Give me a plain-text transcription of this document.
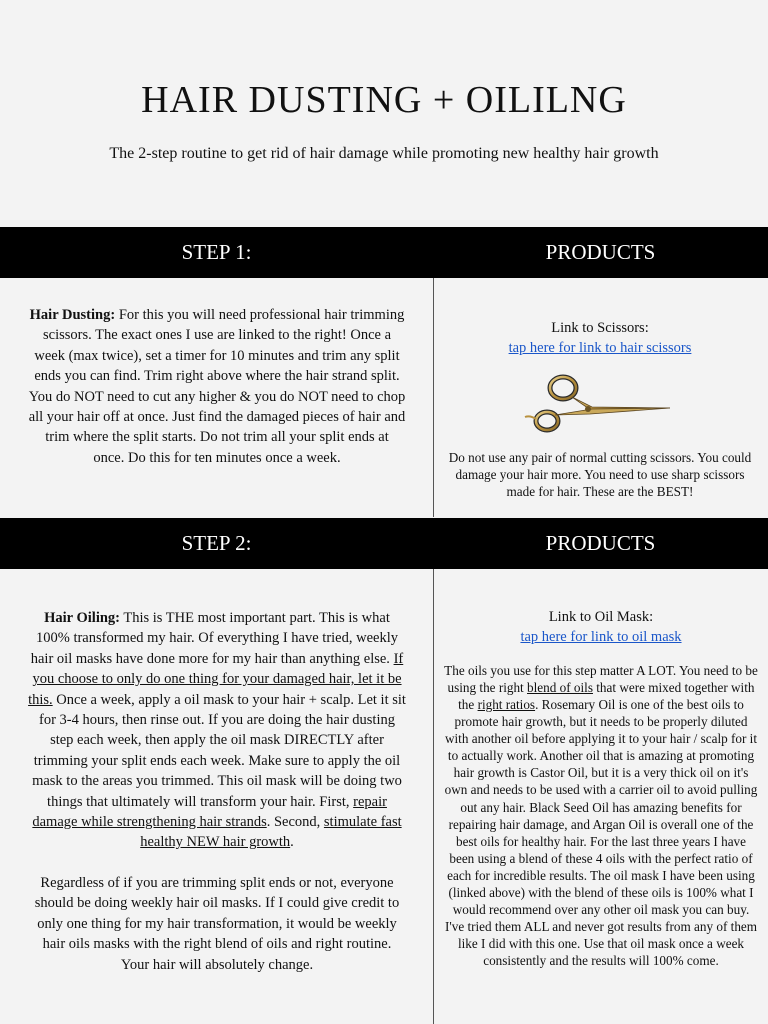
HAIR DUSTING + OILILNG

The 2-step routine to get rid of hair damage while promoting new healthy hair growth

STEP 1:	PRODUCTS

Hair Dusting: For this you will need professional hair trimming scissors. The exact ones I use are linked to the right! Once a week (max twice), set a timer for 10 minutes and trim any split ends you can find. Trim right above where the hair strand split. You do NOT need to cut any higher & you do NOT need to chop all your hair off at once. Just find the damaged pieces of hair and trim where the split starts. Do not trim all your split ends at once. Do this for ten minutes once a week.

Link to Scissors:

tap here for link to hair scissors

Do not use any pair of normal cutting scissors. You could damage your hair more. You need to use sharp scissors made for hair. These are the BEST!

STEP 2:	PRODUCTS

Hair Oiling: This is THE most important part. This is what 100% transformed my hair. Of everything I have tried, weekly hair oil masks have done more for my hair than anything else. If you choose to only do one thing for your damaged hair, let it be this. Once a week, apply a oil mask to your hair + scalp. Let it sit for 3-4 hours, then rinse out. If you are doing the hair dusting step each week, then apply the oil mask DIRECTLY after trimming your split ends each week. Make sure to apply the oil mask to the areas you trimmed. This oil mask will be doing two things that ultimately will transform your hair. First, repair damage while strengthening hair strands. Second, stimulate fast healthy NEW hair growth.

Regardless of if you are trimming split ends or not, everyone should be doing weekly hair oil masks. If I could give credit to only one thing for my hair transformation, it would be weekly hair oils masks with the right blend of oils and right routine. Your hair will absolutely change.

Link to Oil Mask:

tap here for link to oil mask

The oils you use for this step matter A LOT. You need to be using the right blend of oils that were mixed together with the right ratios. Rosemary Oil is one of the best oils to promote hair growth, but it needs to be properly diluted with another oil before applying it to your hair / scalp for it to actually work. Another oil that is amazing at promoting hair growth is Castor Oil, but it is a very thick oil on it's own and needs to be used with a carrier oil to avoid pulling out any hair. Black Seed Oil has amazing benefits for repairing hair damage, and Argan Oil is overall one of the best oils for healthy hair. For the last three years I have been using a blend of these 4 oils with the perfect ratio of each for incredible results. The oil mask I have been using (linked above) with the blend of these oils is 100% what I would recommend over any other oil mask you can buy. I've tried them ALL and never got results from any of them like I did with this one. Use that oil mask once a week consistently and the results will 100% come.
